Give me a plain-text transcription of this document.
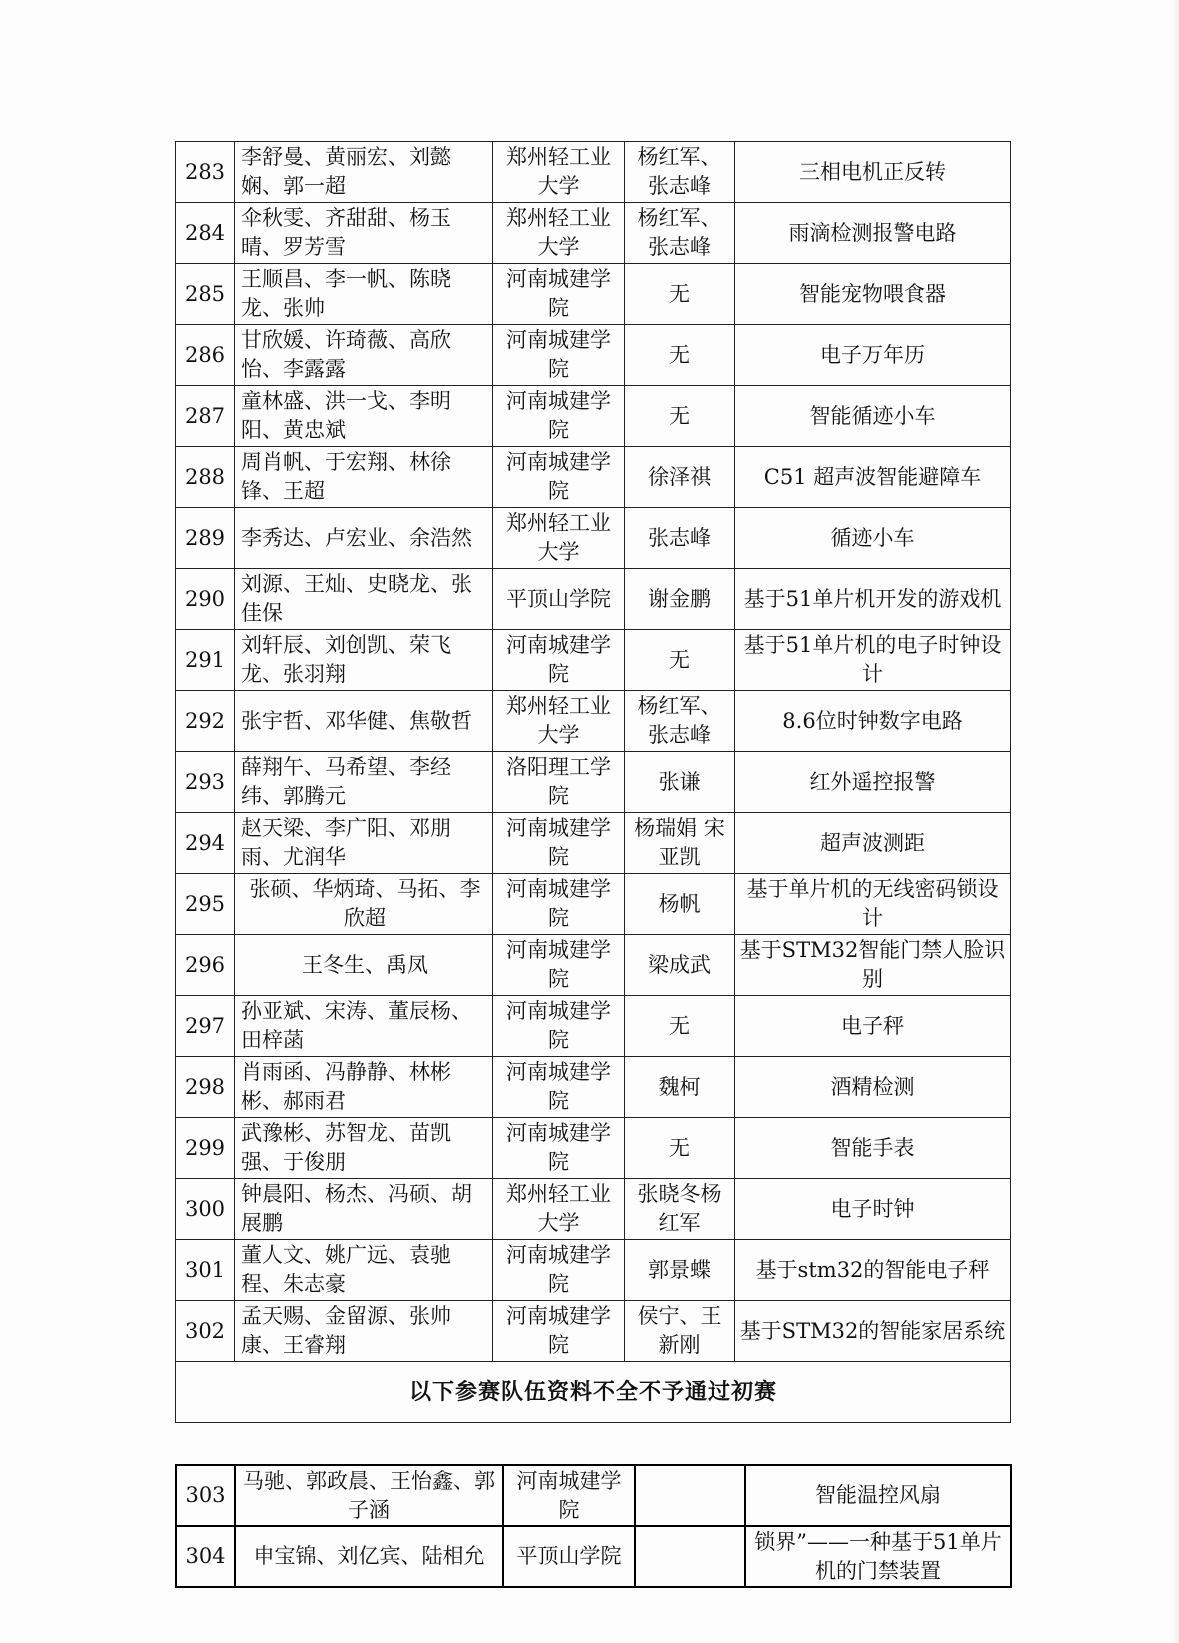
283	李舒曼、黄丽宏、刘懿娴、郭一超	郑州轻工业大学	杨红军、张志峰	三相电机正反转
284	伞秋雯、齐甜甜、杨玉晴、罗芳雪	郑州轻工业大学	杨红军、张志峰	雨滴检测报警电路
285	王顺昌、李一帆、陈晓龙、张帅	河南城建学院	无	智能宠物喂食器
286	甘欣媛、许琦薇、高欣怡、李露露	河南城建学院	无	电子万年历
287	童林盛、洪一戈、李明阳、黄忠斌	河南城建学院	无	智能循迹小车
288	周肖帆、于宏翔、林徐锋、王超	河南城建学院	徐泽祺	C51 超声波智能避障车
289	李秀达、卢宏业、余浩然	郑州轻工业大学	张志峰	循迹小车
290	刘源、王灿、史晓龙、张佳保	平顶山学院	谢金鹏	基于51单片机开发的游戏机
291	刘轩辰、刘创凯、荣飞龙、张羽翔	河南城建学院	无	基于51单片机的电子时钟设计
292	张宇哲、邓华健、焦敬哲	郑州轻工业大学	杨红军、张志峰	8.6位时钟数字电路
293	薛翔午、马希望、李经纬、郭腾元	洛阳理工学院	张谦	红外遥控报警
294	赵天梁、李广阳、邓朋雨、尤润华	河南城建学院	杨瑞娟 宋亚凯	超声波测距
295	张硕、华炳琦、马拓、李欣超	河南城建学院	杨帆	基于单片机的无线密码锁设计
296	王冬生、禹凤	河南城建学院	梁成武	基于STM32智能门禁人脸识别
297	孙亚斌、宋涛、董辰杨、田梓菡	河南城建学院	无	电子秤
298	肖雨函、冯静静、林彬彬、郝雨君	河南城建学院	魏柯	酒精检测
299	武豫彬、苏智龙、苗凯强、于俊朋	河南城建学院	无	智能手表
300	钟晨阳、杨杰、冯硕、胡展鹏	郑州轻工业大学	张晓冬杨红军	电子时钟
301	董人文、姚广远、袁驰程、朱志豪	河南城建学院	郭景蝶	基于stm32的智能电子秤
302	孟天赐、金留源、张帅康、王睿翔	河南城建学院	侯宁、王新刚	基于STM32的智能家居系统
以下参赛队伍资料不全不予通过初赛				
303	马驰、郭政晨、王怡鑫、郭子涵	河南城建学院		智能温控风扇
304	申宝锦、刘亿宾、陆相允	平顶山学院		锁界”——一种基于51单片机的门禁装置
